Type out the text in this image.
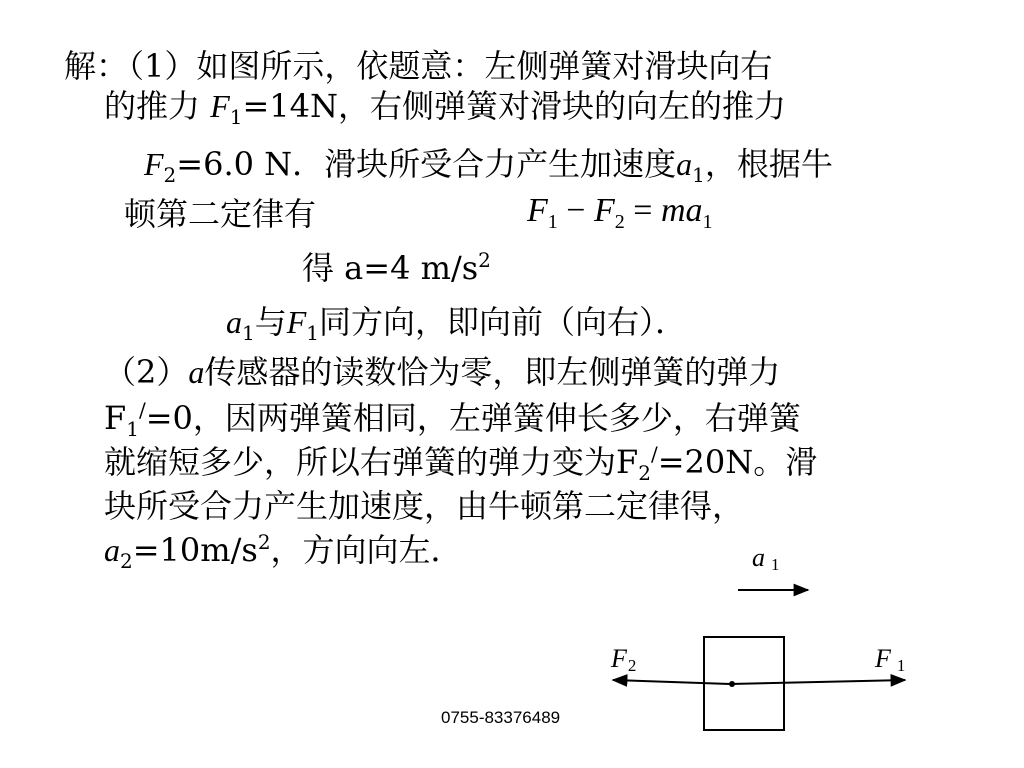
解：（1）如图所示，依题意：左侧弹簧对滑块向右
的推力 $F_1=14N$，右侧弹簧对滑块的向左的推力
$F_2=6.0$ N．滑块所受合力产生加速度$a_1$，根据牛
顿第二定律有	$F_1 - F_2 = ma_1$
得 a=4 $m/s^2$
$a_1$与$F_1$同方向，即向前（向右）．
（2）a传感器的读数恰为零，即左侧弹簧的弹力
$F_1^/=0$，因两弹簧相同，左弹簧伸长多少，右弹簧
就缩短多少，所以右弹簧的弹力变为$F_2^/=20N$。滑
块所受合力产生加速度，由牛顿第二定律得，
$a_2=10m/s^2$，方向向左．	a 1
F2	F 1
0755-83376489
